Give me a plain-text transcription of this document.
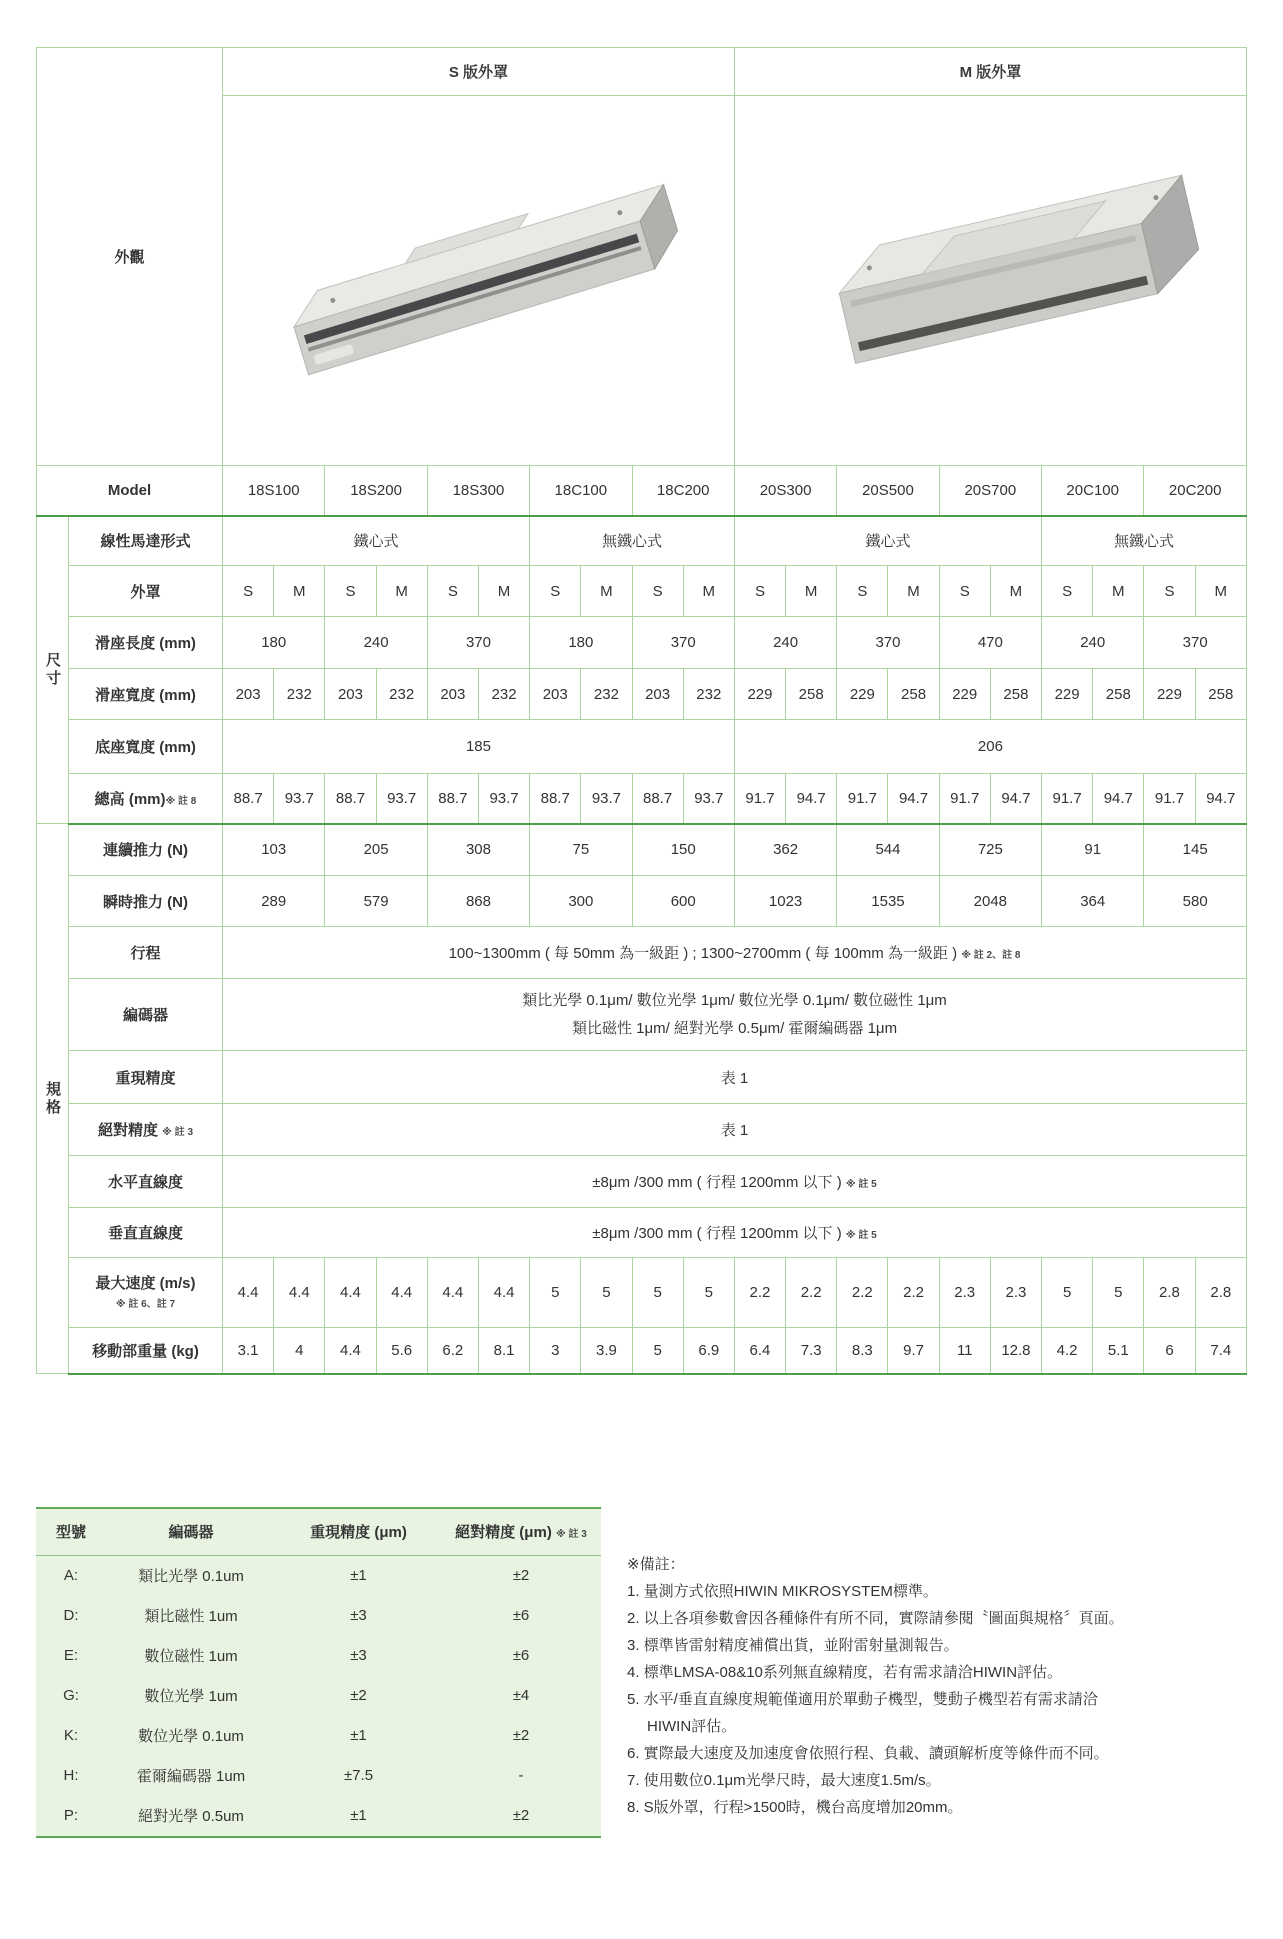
外觀		S 版外罩										M 版外罩									

Model		18S100		18S200		18S300		18C100		18C200		20S300		20S500		20S700		20C100		20C200	
尺寸	線性馬達形式	鐵心式						無鐵心式				鐵心式						無鐵心式			
	外罩	S	M	S	M	S	M	S	M	S	M	S	M	S	M	S	M	S	M	S	M
	滑座長度 (mm)	180		240		370		180		370		240		370		470		240		370	
	滑座寬度 (mm)	203	232	203	232	203	232	203	232	203	232	229	258	229	258	229	258	229	258	229	258
	底座寬度 (mm)	185										206									
	總高 (mm)※ 註 8	88.7	93.7	88.7	93.7	88.7	93.7	88.7	93.7	88.7	93.7	91.7	94.7	91.7	94.7	91.7	94.7	91.7	94.7	91.7	94.7
規格	連續推力 (N)	103		205		308		75		150		362		544		725		91		145	
	瞬時推力 (N)	289		579		868		300		600		1023		1535		2048		364		580	
	行程	100~1300mm ( 每 50mm 為一級距 ) ; 1300~2700mm ( 每 100mm 為一級距 ) ※ 註 2、註 8																			
	編碼器	類比光學 0.1μm/ 數位光學 1μm/ 數位光學 0.1μm/ 數位磁性 1μm
類比磁性 1μm/ 絕對光學 0.5μm/ 霍爾編碼器 1μm																			

	重現精度	表 1																			
	絕對精度 ※ 註 3	表 1																			
	水平直線度	±8μm /300 mm ( 行程 1200mm 以下 ) ※ 註 5																			
	垂直直線度	±8μm /300 mm ( 行程 1200mm 以下 ) ※ 註 5																			

	最大速度 (m/s)
※ 註 6、註 7	4.4	4.4	4.4	4.4	4.4	4.4	5	5	5	5	2.2	2.2	2.2	2.2	2.3	2.3	5	5	2.8	2.8
	移動部重量 (kg)	3.1	4	4.4	5.6	6.2	8.1	3	3.9	5	6.9	6.4	7.3	8.3	9.7	11	12.8	4.2	5.1	6	7.4
型號	編碼器	重現精度 (μm)	絕對精度 (μm) ※ 註 3
A:	類比光學 0.1um	±1	±2
D:	類比磁性 1um	±3	±6
E:	數位磁性 1um	±3	±6
G:	數位光學 1um	±2	±4
K:	數位光學 0.1um	±1	±2
H:	霍爾編碼器 1um	±7.5	-
P:	絕對光學 0.5um	±1	±2
※備註：
1. 量測方式依照HIWIN MIKROSYSTEM標準。
2. 以上各項參數會因各種條件有所不同，實際請參閱〝圖面與規格〞頁面。
3. 標準皆雷射精度補償出貨，並附雷射量測報告。
4. 標準LMSA-08&10系列無直線精度，若有需求請洽HIWIN評估。
5. 水平/垂直直線度規範僅適用於單動子機型，雙動子機型若有需求請洽 HIWIN評估。
6. 實際最大速度及加速度會依照行程、負載、讀頭解析度等條件而不同。
7. 使用數位0.1μm光學尺時，最大速度1.5m/s。
8. S版外罩，行程>1500時，機台高度增加20mm。
